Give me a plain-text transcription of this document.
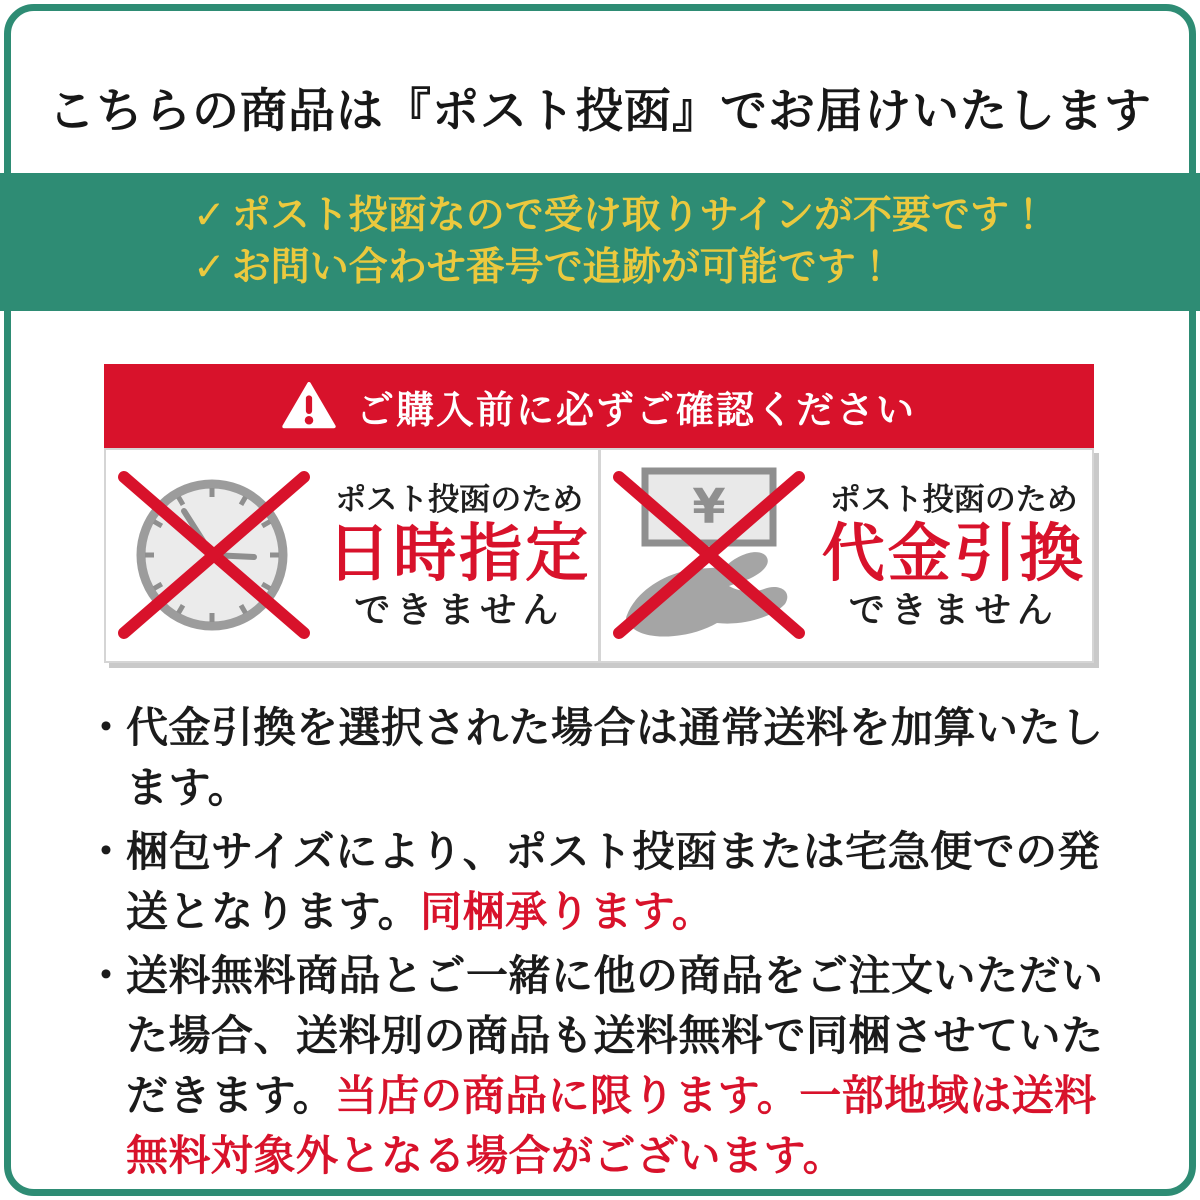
こちらの商品は『ポスト投函』でお届けいたします
✓ ポスト投函なので受け取りサインが不要です！
✓ お問い合わせ番号で追跡が可能です！
ご購入前に必ずご確認ください
ポスト投函のため
日時指定
できません
¥	ポスト投函のため
代金引換
できません
・
代金引換を選択された場合は通常送料を加算いたします。
・
梱包サイズにより、ポスト投函または宅急便での発送となります。同梱承ります。
・
送料無料商品とご一緒に他の商品をご注文いただいた場合、送料別の商品も送料無料で同梱させていただきます。当店の商品に限ります。一部地域は送料無料対象外となる場合がございます。
